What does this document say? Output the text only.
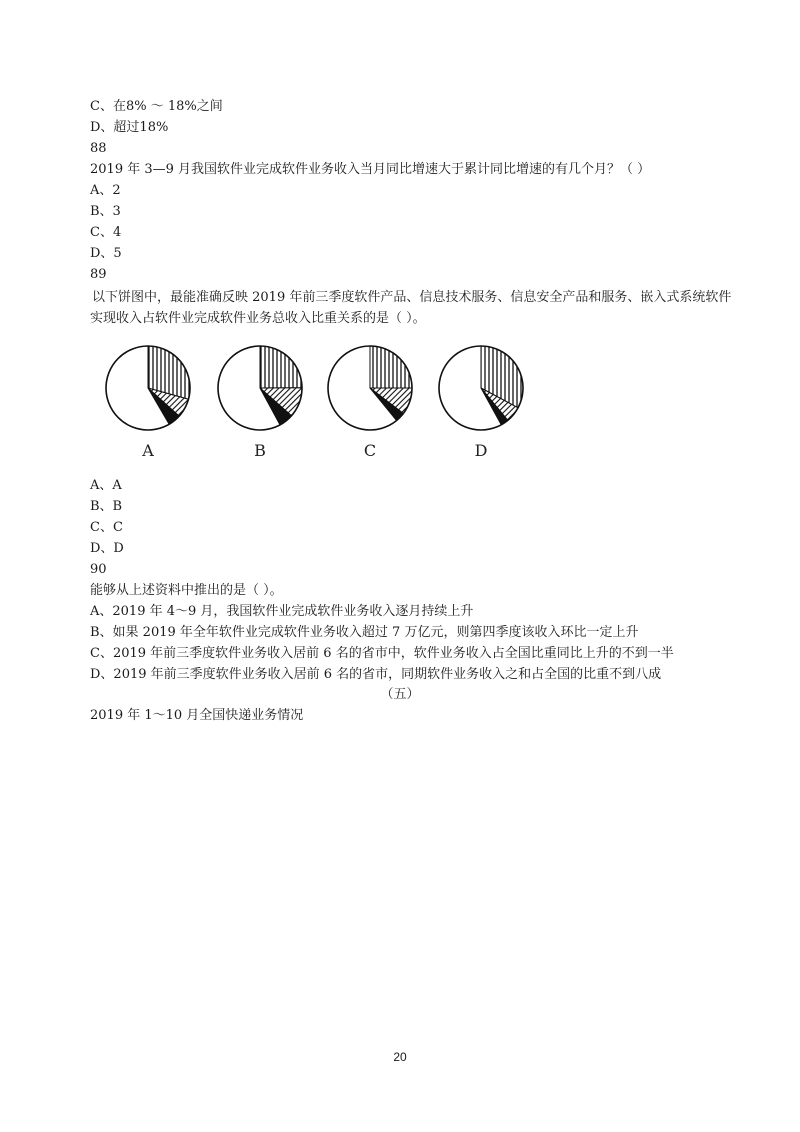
C、在8% ～ 18%之间
D、超过18%
88
2019 年 3—9 月我国软件业完成软件业务收入当月同比增速大于累计同比增速的有几个月？（ ）
A、2
B、3
C、4
D、5
89
以下饼图中，最能准确反映 2019 年前三季度软件产品、信息技术服务、信息安全产品和服务、嵌入式系统软件实现收入占软件业完成软件业务总收入比重关系的是（ ）。
A	B	C	D
A、A
B、B
C、C
D、D
90
能够从上述资料中推出的是（ ）。
A、2019 年 4～9 月，我国软件业完成软件业务收入逐月持续上升
B、如果 2019 年全年软件业完成软件业务收入超过 7 万亿元，则第四季度该收入环比一定上升
C、2019 年前三季度软件业务收入居前 6 名的省市中，软件业务收入占全国比重同比上升的不到一半
D、2019 年前三季度软件业务收入居前 6 名的省市，同期软件业务收入之和占全国的比重不到八成
（五）
2019 年 1～10 月全国快递业务情况
20
